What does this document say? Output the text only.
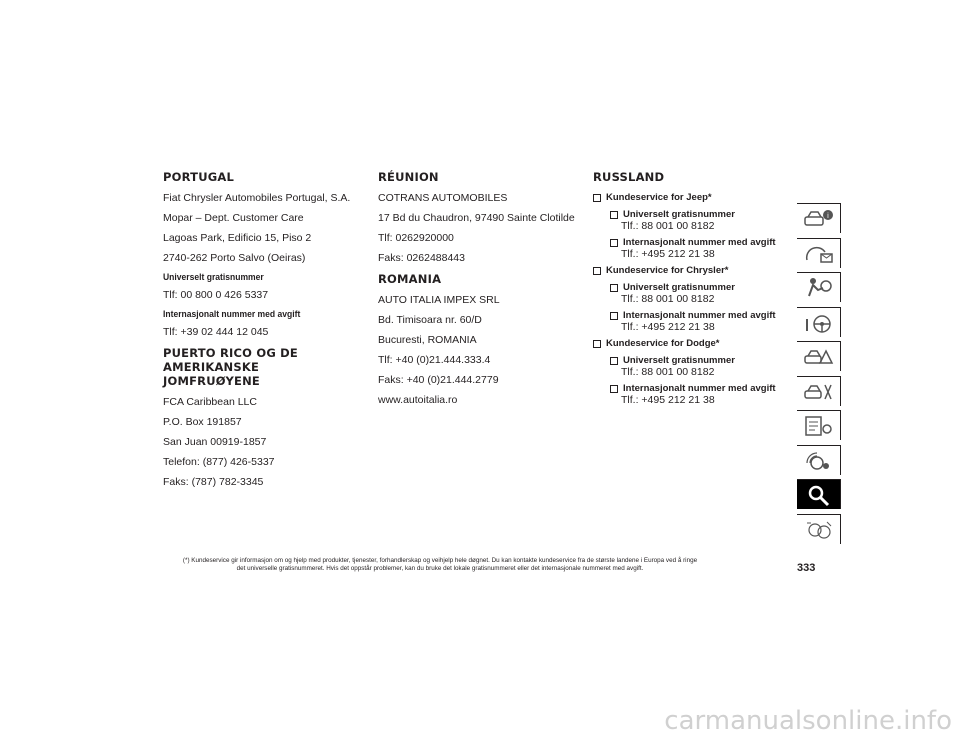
PORTUGAL
Fiat Chrysler Automobiles Portugal, S.A.
Mopar – Dept. Customer Care
Lagoas Park, Edificio 15, Piso 2
2740-262 Porto Salvo (Oeiras)
Universelt gratisnummer
Tlf: 00 800 0 426 5337
Internasjonalt nummer med avgift
Tlf: +39 02 444 12 045
PUERTO RICO OG DE AMERIKANSKE
JOMFRUØYENE
FCA Caribbean LLC
P.O. Box 191857
San Juan 00919-1857
Telefon: (877) 426-5337
Faks: (787) 782-3345
RÉUNION
COTRANS AUTOMOBILES
17 Bd du Chaudron, 97490 Sainte Clotilde
Tlf: 0262920000
Faks: 0262488443
ROMANIA
AUTO ITALIA IMPEX SRL
Bd. Timisoara nr. 60/D
Bucuresti, ROMANIA
Tlf: +40 (0)21.444.333.4
Faks: +40 (0)21.444.2779
www.autoitalia.ro
RUSSLAND
Kundeservice for Jeep*
Universelt gratisnummer
Tlf.: 88 001 00 8182
Internasjonalt nummer med avgift
Tlf.: +495 212 21 38
Kundeservice for Chrysler*
Universelt gratisnummer
Tlf.: 88 001 00 8182
Internasjonalt nummer med avgift
Tlf.: +495 212 21 38
Kundeservice for Dodge*
Universelt gratisnummer
Tlf.: 88 001 00 8182
Internasjonalt nummer med avgift
Tlf.: +495 212 21 38
i
(*) Kundeservice gir informasjon om og hjelp med produkter, tjenester, forhandlerskap og veihjelp hele døgnet. Du kan kontakte kundeservice fra de største landene i Europa ved å ringe
det universelle gratisnummeret. Hvis det oppstår problemer, kan du bruke det lokale gratisnummeret eller det internasjonale nummeret med avgift.	333
carmanualsonline.info
